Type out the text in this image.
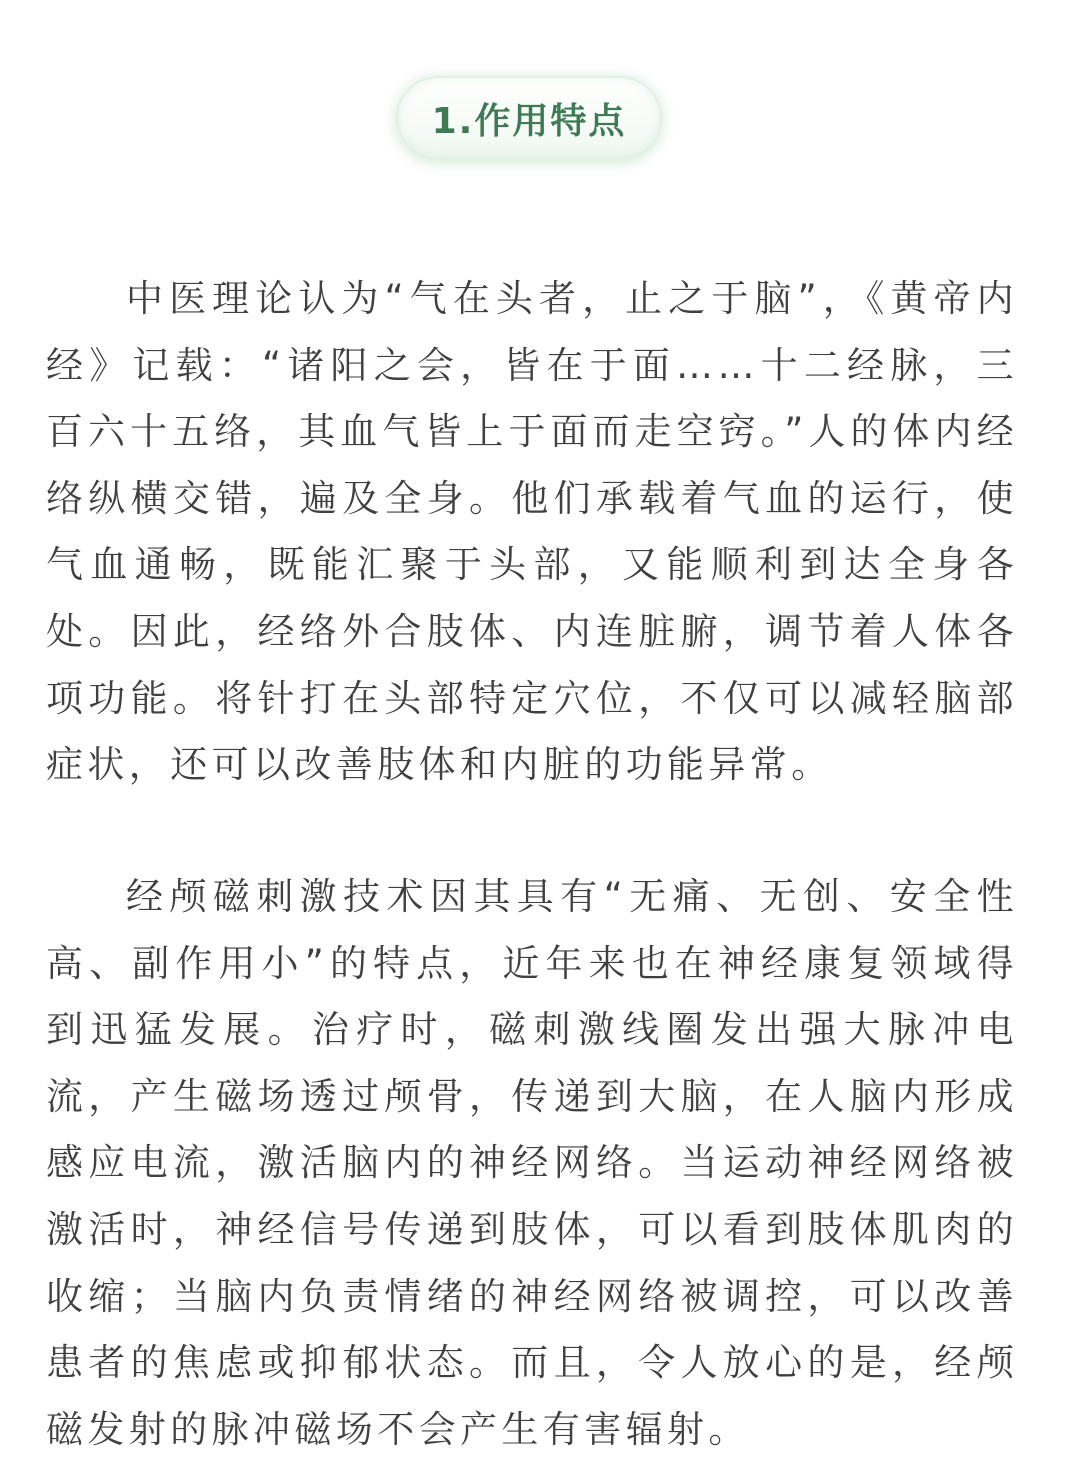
1.作用特点

中医理论认为“气在头者，止之于脑”，《黄帝内经》记载：“诸阳之会，皆在于面……十二经脉，三百六十五络，其血气皆上于面而走空窍。”人的体内经络纵横交错，遍及全身。他们承载着气血的运行，使气血通畅，既能汇聚于头部，又能顺利到达全身各处。因此，经络外合肢体、内连脏腑，调节着人体各项功能。将针打在头部特定穴位，不仅可以减轻脑部症状，还可以改善肢体和内脏的功能异常。

经颅磁刺激技术因其具有“无痛、无创、安全性高、副作用小”的特点，近年来也在神经康复领域得到迅猛发展。治疗时，磁刺激线圈发出强大脉冲电流，产生磁场透过颅骨，传递到大脑，在人脑内形成感应电流，激活脑内的神经网络。当运动神经网络被激活时，神经信号传递到肢体，可以看到肢体肌肉的收缩；当脑内负责情绪的神经网络被调控，可以改善患者的焦虑或抑郁状态。而且，令人放心的是，经颅磁发射的脉冲磁场不会产生有害辐射。
